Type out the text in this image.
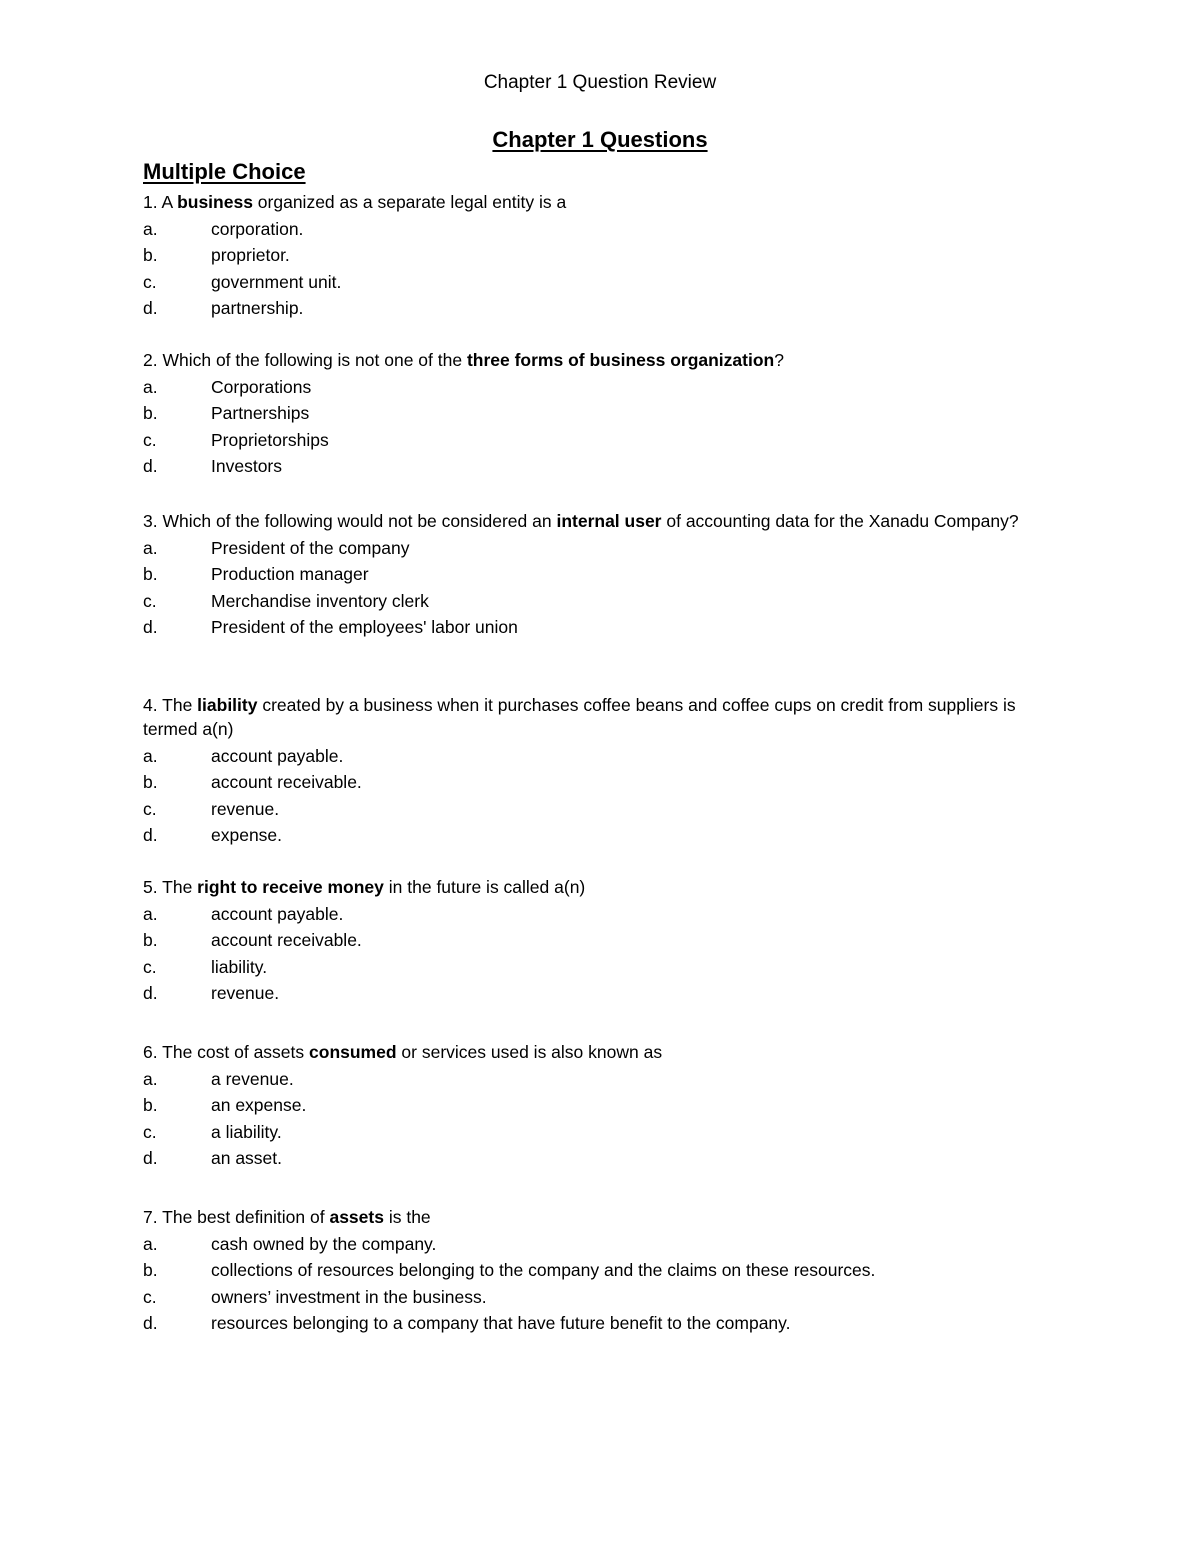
Chapter 1 Question Review
Chapter 1 Questions
Multiple Choice

1. A business organized as a separate legal entity is a

a.	corporation.
b.	proprietor.
c.	government unit.
d.	partnership.

2. Which of the following is not one of the three forms of business organization?

a.	Corporations
b.	Partnerships
c.	Proprietorships
d.	Investors

3. Which of the following would not be considered an internal user of accounting data for the Xanadu Company?

a.	President of the company
b.	Production manager
c.	Merchandise inventory clerk
d.	President of the employees' labor union

4. The liability created by a business when it purchases coffee beans and coffee cups on credit from suppliers is termed a(n)

a.	account payable.
b.	account receivable.
c.	revenue.
d.	expense.

5. The right to receive money in the future is called a(n)

a.	account payable.
b.	account receivable.
c.	liability.
d.	revenue.

6. The cost of assets consumed or services used is also known as

a.	a revenue.
b.	an expense.
c.	a liability.
d.	an asset.

7. The best definition of assets is the

a.	cash owned by the company.
b.	collections of resources belonging to the company and the claims on these resources.
c.	owners’ investment in the business.
d.	resources belonging to a company that have future benefit to the company.
